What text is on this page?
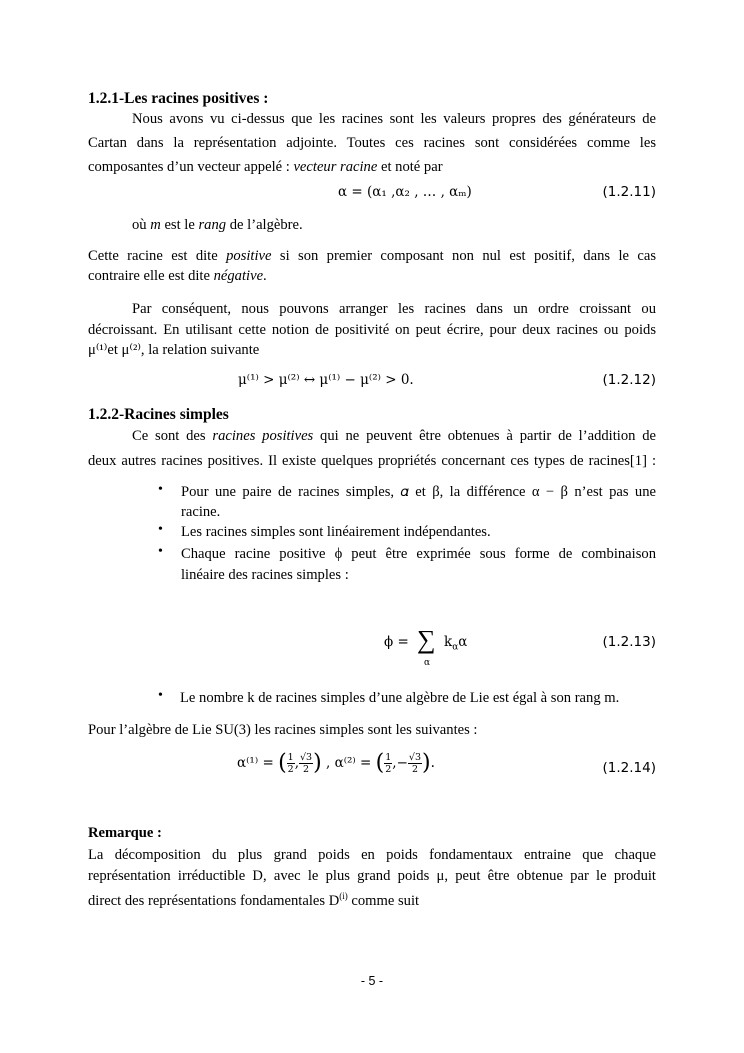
1.2.1-Les racines positives :
Nous avons vu ci-dessus que les racines sont les valeurs propres des générateurs de
Cartan dans la représentation adjointe. Toutes ces racines sont considérées comme les
composantes d’un vecteur appelé : vecteur racine et noté par
α = (α₁ ,α₂ , … , αₘ)	(1.2.11)
où m est le rang de l’algèbre.
Cette racine est dite positive si son premier composant non nul est positif, dans le cas
contraire elle est dite négative.
Par conséquent, nous pouvons arranger les racines dans un ordre croissant ou
décroissant. En utilisant cette notion de positivité on peut écrire, pour deux racines ou poids
μ⁽¹⁾et μ⁽²⁾, la relation suivante
μ⁽¹⁾ > μ⁽²⁾ ↔ μ⁽¹⁾ − μ⁽²⁾ > 0.	(1.2.12)
1.2.2-Racines simples
Ce sont des racines positives qui ne peuvent être obtenues à partir de l’addition de
deux autres racines positives. Il existe quelques propriétés concernant ces types de racines[1] :
• Pour une paire de racines simples, 𝛼 et β, la différence α − β n’est pas une
racine.
• Les racines simples sont linéairement indépendantes.
• Chaque racine positive ϕ peut être exprimée sous forme de combinaison
linéaire des racines simples :
ϕ = ∑
α
$k_\alpha\alpha$	(1.2.13)
• Le nombre k de racines simples d’une algèbre de Lie est égal à son rang m.
Pour l’algèbre de Lie SU(3) les racines simples sont les suivantes :
α⁽¹⁾ = ( $\frac{1}{2}$ , $\frac{√3}{2}$ ) , α⁽²⁾ = ( $\frac{1}{2}$ ,− $\frac{√3}{2}$ ).	(1.2.14)
Remarque :
La décomposition du plus grand poids en poids fondamentaux entraine que chaque
représentation irréductible D, avec le plus grand poids μ, peut être obtenue par le produit
direct des représentations fondamentales $D^{(i)}$ comme suit
- 5 -
